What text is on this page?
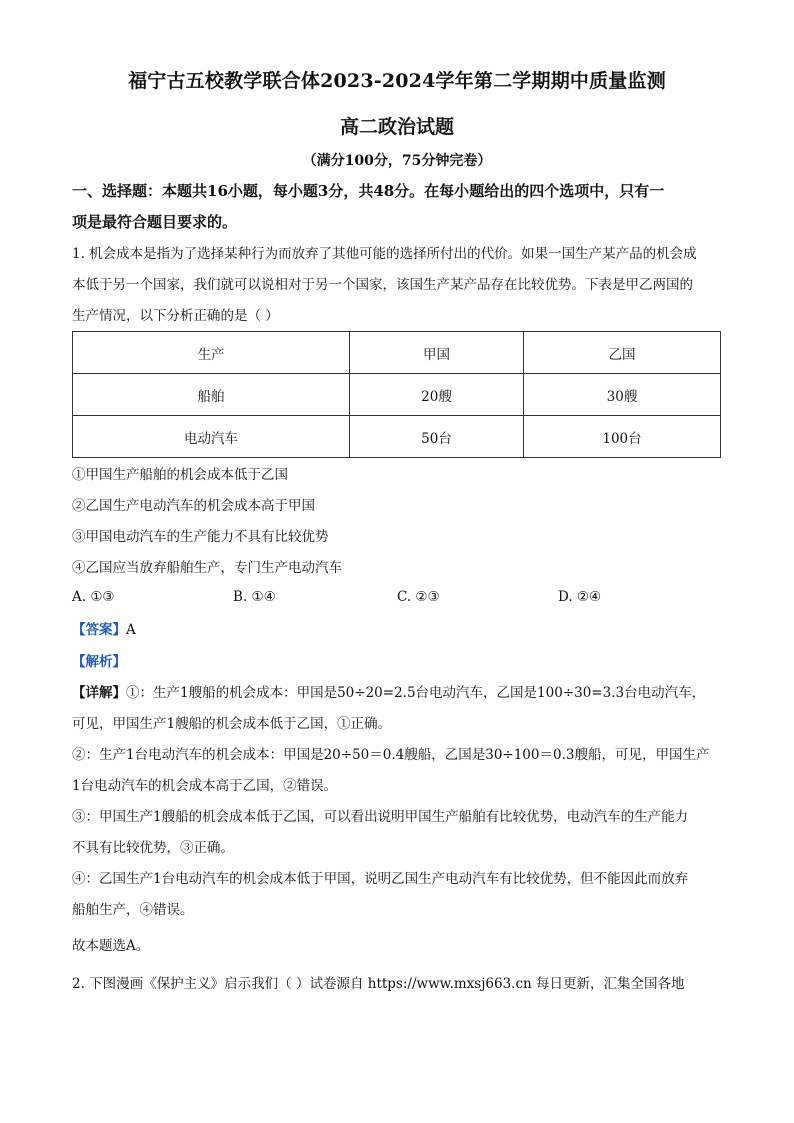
福宁古五校教学联合体2023-2024学年第二学期期中质量监测
高二政治试题
（满分100分，75分钟完卷）
一、选择题：本题共16小题，每小题3分，共48分。在每小题给出的四个选项中，只有一
项是最符合题目要求的。
1. 机会成本是指为了选择某种行为而放弃了其他可能的选择所付出的代价。如果一国生产某产品的机会成
本低于另一个国家，我们就可以说相对于另一个国家，该国生产某产品存在比较优势。下表是甲乙两国的
生产情况，以下分析正确的是（ ）
生产	甲国	乙国
船舶	20艘	30艘
电动汽车	50台	100台
①甲国生产船舶的机会成本低于乙国
②乙国生产电动汽车的机会成本高于甲国
③甲国电动汽车的生产能力不具有比较优势
④乙国应当放弃船舶生产，专门生产电动汽车
A. ①③	B. ①④	C. ②③	D. ②④
【答案】A
【解析】
【详解】①：生产1艘船的机会成本：甲国是50÷20=2.5台电动汽车，乙国是100÷30=3.3台电动汽车，
可见，甲国生产1艘船的机会成本低于乙国，①正确。
②：生产1台电动汽车的机会成本：甲国是20÷50＝0.4艘船，乙国是30÷100＝0.3艘船，可见，甲国生产
1台电动汽车的机会成本高于乙国，②错误。
③：甲国生产1艘船的机会成本低于乙国，可以看出说明甲国生产船舶有比较优势，电动汽车的生产能力
不具有比较优势，③正确。
④：乙国生产1台电动汽车的机会成本低于甲国，说明乙国生产电动汽车有比较优势，但不能因此而放弃
船舶生产，④错误。
故本题选A。
2. 下图漫画《保护主义》启示我们（ ）试卷源自 https://www.mxsj663.cn 每日更新，汇集全国各地
